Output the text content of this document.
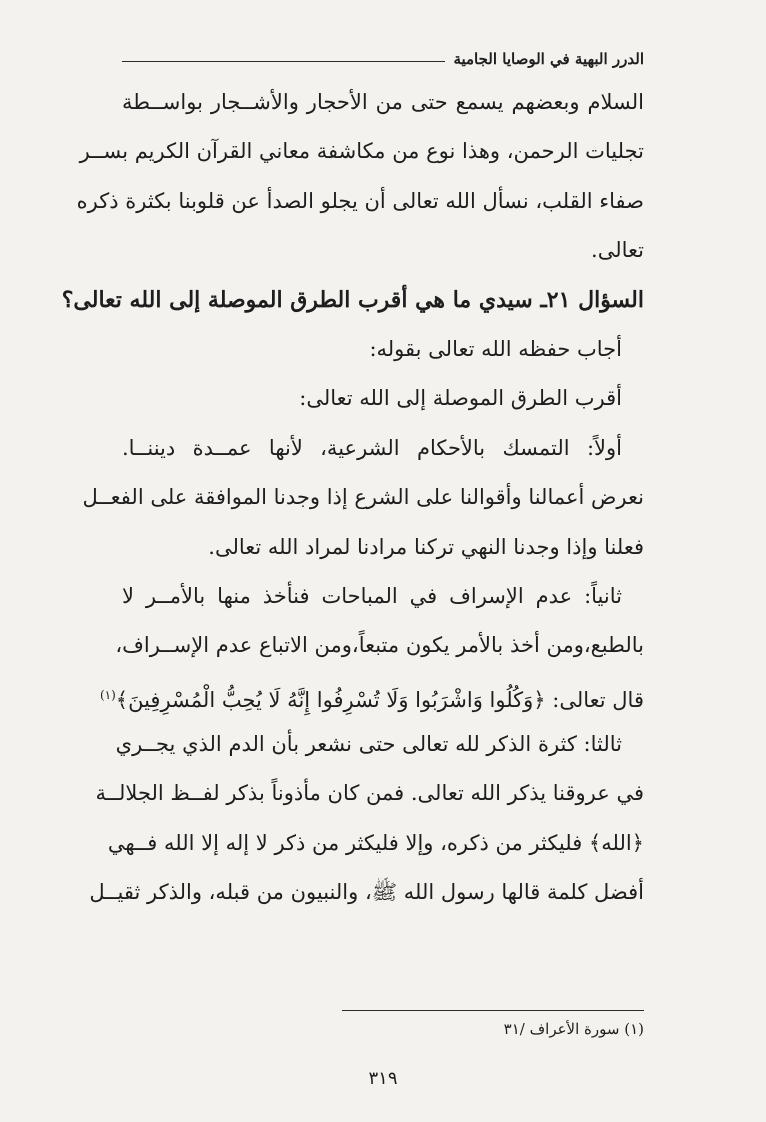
الدرر البهية في الوصايا الجامية
السلام وبعضهم يسمع حتى من الأحجار والأشــجار بواســطة
تجليات الرحمن، وهذا نوع من مكاشفة معاني القرآن الكريم بســر
صفاء القلب، نسأل الله تعالى أن يجلو الصدأ عن قلوبنا بكثرة ذكره
تعالى.
السؤال ٢١ـ سيدي ما هي أقرب الطرق الموصلة إلى الله تعالى؟
أجاب حفظه الله تعالى بقوله:
أقرب الطرق الموصلة إلى الله تعالى:
أولاً: التمسك بالأحكام الشرعية، لأنها عمــدة ديننــا.
نعرض أعمالنا وأقوالنا على الشرع إذا وجدنا الموافقة على الفعــل
فعلنا وإذا وجدنا النهي تركنا مرادنا لمراد الله تعالى.
ثانياً: عدم الإسراف في المباحات فنأخذ منها بالأمــر لا
بالطبع،ومن أخذ بالأمر يكون متبعاً،ومن الاتباع عدم الإســراف،
قال تعالى: ﴿وَكُلُوا وَاشْرَبُوا وَلَا تُسْرِفُوا إِنَّهُ لَا يُحِبُّ الْمُسْرِفِينَ﴾$^{(١)}$
ثالثا: كثرة الذكر لله تعالى حتى نشعر بأن الدم الذي يجــري
في عروقنا يذكر الله تعالى. فمن كان مأذوناً بذكر لفــظ الجلالــة
﴿الله﴾ فليكثر من ذكره، وإلا فليكثر من ذكر لا إله إلا الله فــهي
أفضل كلمة قالها رسول الله ﷺ، والنبيون من قبله، والذكر ثقيــل
(١) سورة الأعراف /٣١
٣١٩
